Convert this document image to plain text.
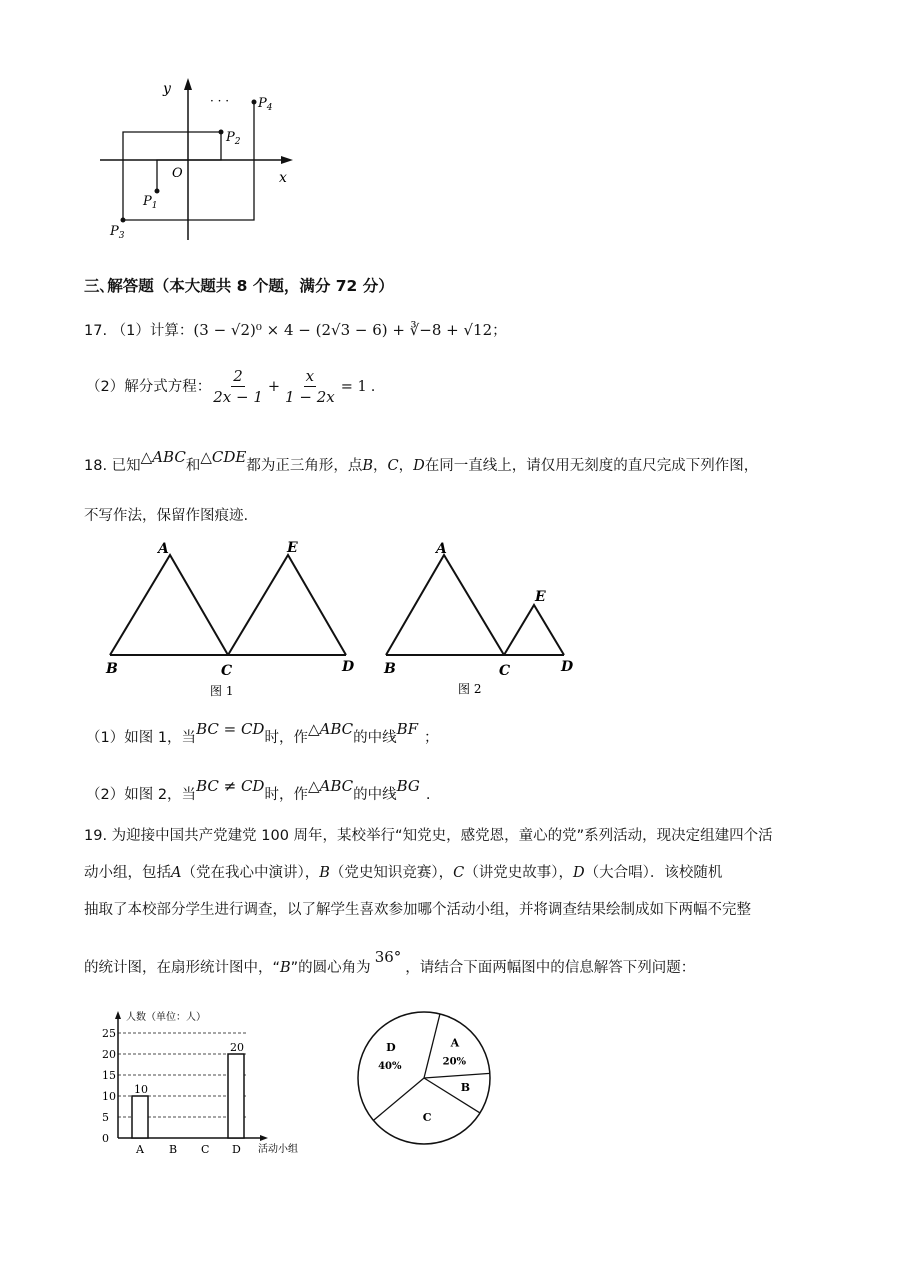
y
x
O
· · ·
$P_1$
$P_2$
$P_3$
$P_4$
三､解答题（本大题共 8 个题，满分 72 分）
17. （1）计算：(3 − √2)⁰ × 4 − (2√3 − 6) + ∛−8 + √12；
（2）解分式方程： $\frac{2}{2x - 1} + \frac{x}{1 - 2x} = 1$ .
18. 已知△ABC和△CDE都为正三角形，点B，C，D在同一直线上，请仅用无刻度的直尺完成下列作图，
不写作法，保留作图痕迹.
A	E
B	C	D
图 1
A
E
B	C	D
图 2
（1）如图 1，当BC = CD时，作△ABC的中线BF ；
（2）如图 2，当BC ≠ CD时，作△ABC的中线BG .
19. 为迎接中国共产党建党 100 周年，某校举行“知党史，感党恩，童心的党”系列活动，现决定组建四个活
动小组，包括A（党在我心中演讲），B（党史知识竞赛），C（讲党史故事），D（大合唱）．该校随机
抽取了本校部分学生进行调查，以了解学生喜欢参加哪个活动小组，并将调查结果绘制成如下两幅不完整
的统计图，在扇形统计图中，“B”的圆心角为36°，请结合下面两幅图中的信息解答下列问题：
0
5
10
15
20
25
人数（单位：人）
活动小组
A
10
B C D
20	A
20%
B
C
D
40%
